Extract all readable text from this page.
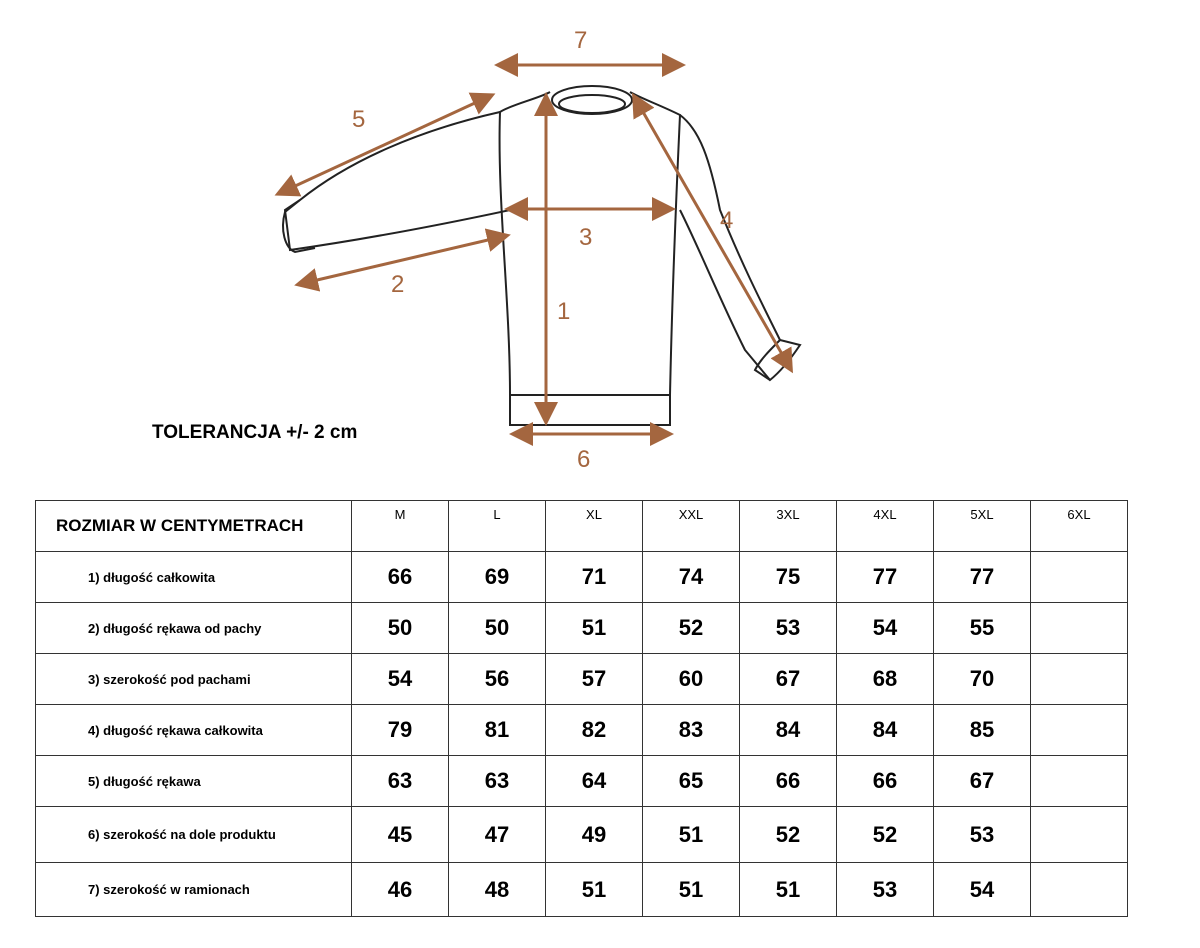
7
5
3
4
2
1
6
TOLERANCJA +/- 2 cm
ROZMIAR W CENTYMETRACH	M	L	XL	XXL	3XL	4XL	5XL	6XL

1) długość całkowita	66	69	71	74	75	77	77	

2) długość rękawa od pachy	50	50	51	52	53	54	55	

3) szerokość pod pachami	54	56	57	60	67	68	70	

4) długość rękawa całkowita	79	81	82	83	84	84	85	

5) długość rękawa	63	63	64	65	66	66	67	

6) szerokość na dole produktu	45	47	49	51	52	52	53	

7) szerokość w ramionach	46	48	51	51	51	53	54	
